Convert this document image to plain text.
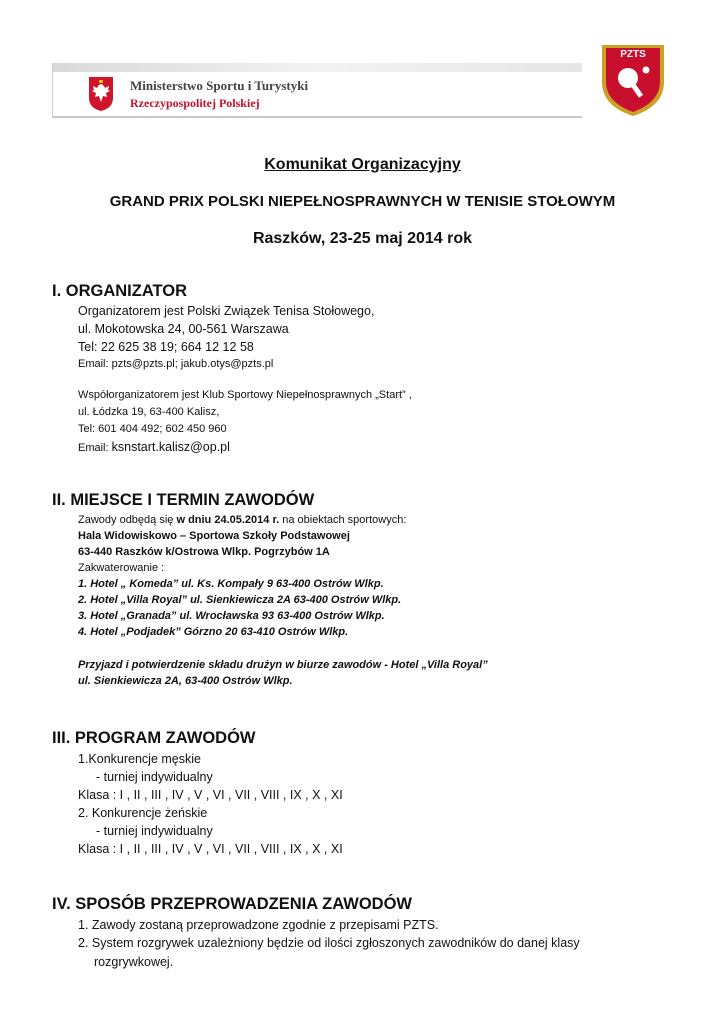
Ministerstwo Sportu i Turystyki
Rzeczypospolitej Polskiej
PZTS
Komunikat Organizacyjny
GRAND PRIX POLSKI NIEPEŁNOSPRAWNYCH W TENISIE STOŁOWYM
Raszków, 23-25 maj 2014 rok
I. ORGANIZATOR
Organizatorem jest Polski Związek Tenisa Stołowego,
ul. Mokotowska 24, 00-561 Warszawa
Tel: 22 625 38 19; 664 12 12 58
Email: pzts@pzts.pl; jakub.otys@pzts.pl
Współorganizatorem jest Klub Sportowy Niepełnosprawnych „Start” ,
ul. Łódzka 19, 63-400 Kalisz,
Tel: 601 404 492; 602 450 960
Email: ksnstart.kalisz@op.pl
II. MIEJSCE I TERMIN ZAWODÓW
Zawody odbędą się w dniu 24.05.2014 r. na obiektach sportowych:
Hala Widowiskowo – Sportowa Szkoły Podstawowej
63-440 Raszków k/Ostrowa Wlkp. Pogrzybów 1A
Zakwaterowanie :
1. Hotel „ Komeda” ul. Ks. Kompały 9 63-400 Ostrów Wlkp.
2. Hotel „Villa Royal” ul. Sienkiewicza 2A 63-400 Ostrów Wlkp.
3. Hotel „Granada” ul. Wrocławska 93 63-400 Ostrów Wlkp.
4. Hotel „Podjadek” Górzno 20 63-410 Ostrów Wlkp.
Przyjazd i potwierdzenie składu drużyn w biurze zawodów - Hotel „Villa Royal”
ul. Sienkiewicza 2A, 63-400 Ostrów Wlkp.
III. PROGRAM ZAWODÓW
1.Konkurencje męskie
- turniej indywidualny
Klasa : I , II , III , IV , V , VI , VII , VIII , IX , X , XI
2. Konkurencje żeńskie
- turniej indywidualny
Klasa : I , II , III , IV , V , VI , VII , VIII , IX , X , XI
IV. SPOSÓB PRZEPROWADZENIA ZAWODÓW
1. Zawody zostaną przeprowadzone zgodnie z przepisami PZTS.
2. System rozgrywek uzależniony będzie od ilości zgłoszonych zawodników do danej klasy
rozgrywkowej.
